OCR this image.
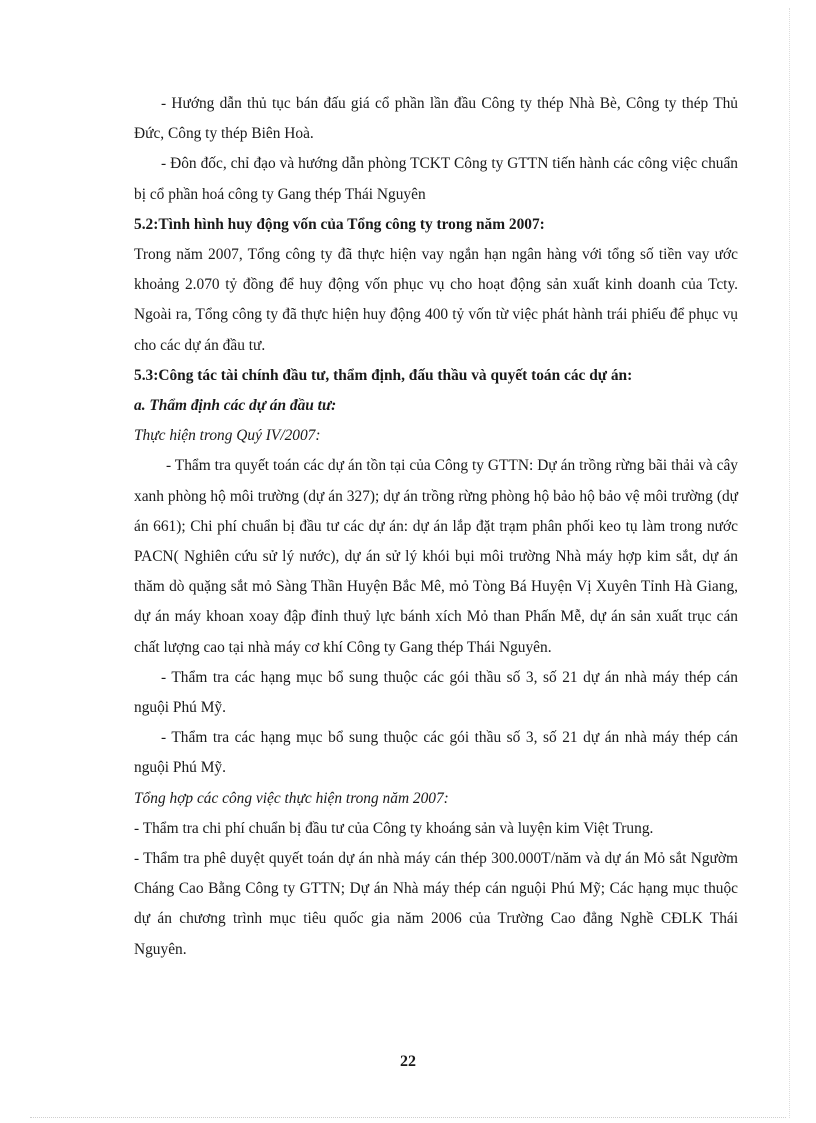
- Hướng dẫn thủ tục bán đấu giá cổ phần lần đầu Công ty thép Nhà Bè, Công ty thép Thủ Đức, Công ty thép Biên Hoà.

- Đôn đốc, chỉ đạo và hướng dẫn phòng TCKT Công ty GTTN tiến hành các công việc chuẩn bị cổ phần hoá công ty Gang thép Thái Nguyên

5.2:Tình hình huy động vốn của Tổng công ty trong năm 2007:

Trong năm 2007, Tổng công ty đã thực hiện vay ngắn hạn ngân hàng với tổng số tiền vay ước khoảng 2.070 tỷ đồng để huy động vốn phục vụ cho hoạt động sản xuất kinh doanh của Tcty. Ngoài ra, Tổng công ty đã thực hiện huy động 400 tỷ vốn từ việc phát hành trái phiếu để phục vụ cho các dự án đầu tư.

5.3:Công tác tài chính đầu tư, thẩm định, đấu thầu và quyết toán các dự án:

a. Thẩm định các dự án đầu tư:

Thực hiện trong Quý IV/2007:

- Thẩm tra quyết toán các dự án tồn tại của Công ty GTTN: Dự án trồng rừng bãi thải và cây xanh phòng hộ môi trường (dự án 327); dự án trồng rừng phòng hộ bảo hộ bảo vệ môi trường (dự án 661); Chi phí chuẩn bị đầu tư các dự án: dự án lắp đặt trạm phân phối keo tụ làm trong nước PACN( Nghiên cứu sử lý nước), dự án sử lý khói bụi môi trường Nhà máy hợp kim sắt, dự án thăm dò quặng sắt mỏ Sàng Thần Huyện Bắc Mê, mỏ Tòng Bá Huyện Vị Xuyên Tỉnh Hà Giang, dự án máy khoan xoay đập đỉnh thuỷ lực bánh xích Mỏ than Phấn Mễ, dự án sản xuất trục cán chất lượng cao tại nhà máy cơ khí Công ty Gang thép Thái Nguyên.

- Thẩm tra các hạng mục bổ sung thuộc các gói thầu số 3, số 21 dự án nhà máy thép cán nguội Phú Mỹ.

- Thẩm tra các hạng mục bổ sung thuộc các gói thầu số 3, số 21 dự án nhà máy thép cán nguội Phú Mỹ.

Tổng hợp các công việc thực hiện trong năm 2007:

- Thẩm tra chi phí chuẩn bị đầu tư của Công ty khoáng sản và luyện kim Việt Trung.

- Thẩm tra phê duyệt quyết toán dự án nhà máy cán thép 300.000T/năm và dự án Mỏ sắt Ngườm Cháng Cao Bằng Công ty GTTN; Dự án Nhà máy thép cán nguội Phú Mỹ; Các hạng mục thuộc dự án chương trình mục tiêu quốc gia năm 2006 của Trường Cao đẳng Nghề CĐLK Thái Nguyên.

22
